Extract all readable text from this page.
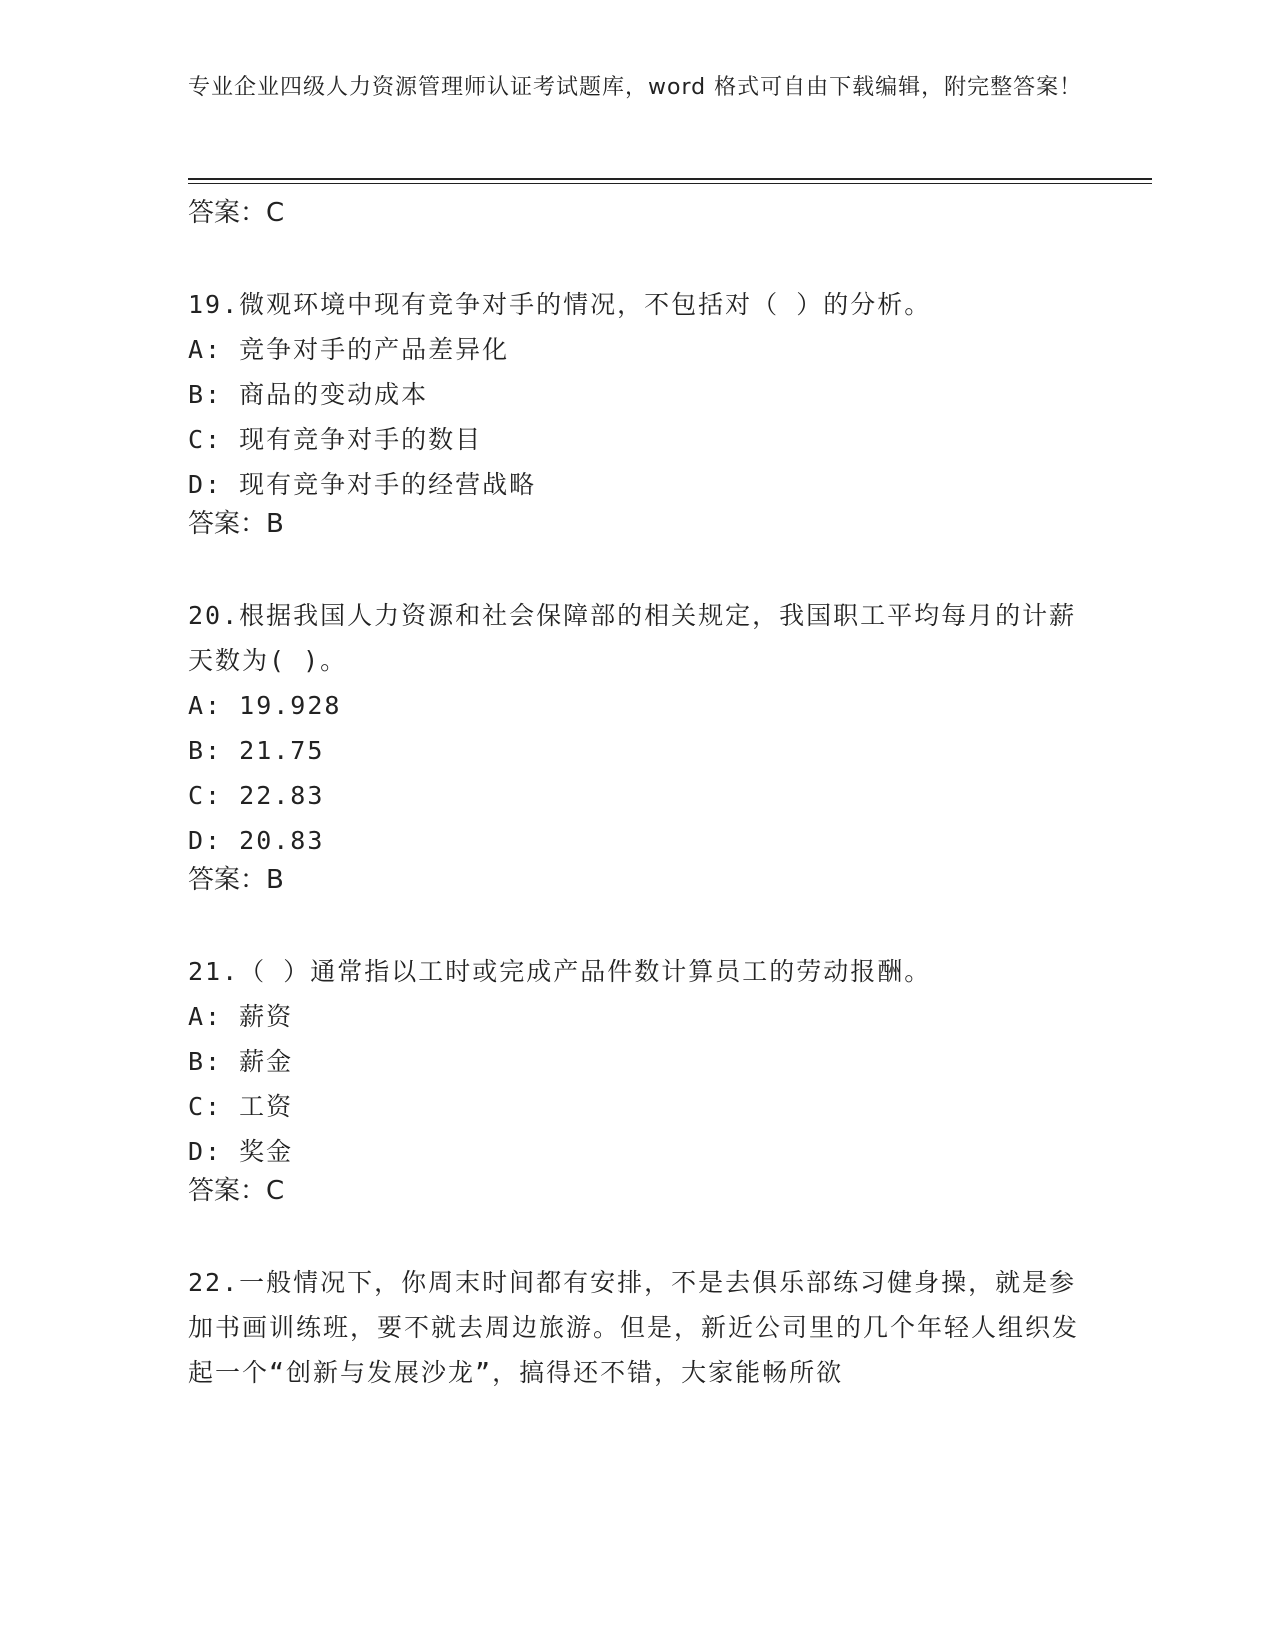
专业企业四级人力资源管理师认证考试题库，word 格式可自由下载编辑，附完整答案！
答案：C
19.微观环境中现有竞争对手的情况，不包括对（ ）的分析。
A: 竞争对手的产品差异化
B: 商品的变动成本
C: 现有竞争对手的数目
D: 现有竞争对手的经营战略
答案：B
20.根据我国人力资源和社会保障部的相关规定，我国职工平均每月的计薪天数为( )。
A: 19.928
B: 21.75
C: 22.83
D: 20.83
答案：B
21.（ ）通常指以工时或完成产品件数计算员工的劳动报酬。
A: 薪资
B: 薪金
C: 工资
D: 奖金
答案：C
22.一般情况下，你周末时间都有安排，不是去俱乐部练习健身操，就是参加书画训练班，要不就去周边旅游。但是，新近公司里的几个年轻人组织发起一个“创新与发展沙龙”，搞得还不错，大家能畅所欲
